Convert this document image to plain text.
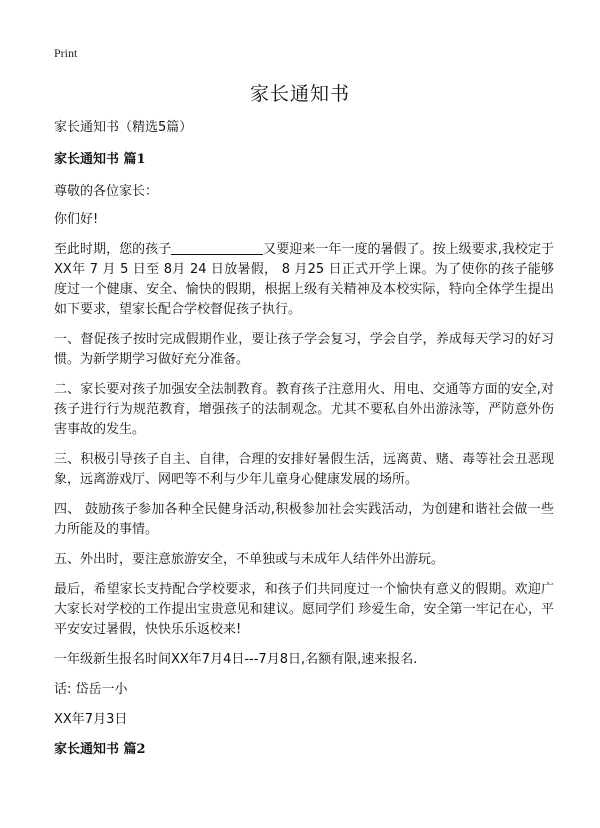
Print
家长通知书

家长通知书（精选5篇）

家长通知书 篇1

尊敬的各位家长：

你们好!

至此时期，您的孩子	又要迎来一年一度的暑假了。按上级要求,我校定于XX年 7 月 5 日至 8月 24 日放暑假， 8 月25 日正式开学上课。为了使你的孩子能够度过一个健康、安全、愉快的假期，根据上级有关精神及本校实际，特向全体学生提出如下要求，望家长配合学校督促孩子执行。

一、督促孩子按时完成假期作业，要让孩子学会复习，学会自学，养成每天学习的好习惯。为新学期学习做好充分准备。

二、家长要对孩子加强安全法制教育。教育孩子注意用火、用电、交通等方面的安全,对孩子进行行为规范教育，增强孩子的法制观念。尤其不要私自外出游泳等，严防意外伤害事故的发生。

三、积极引导孩子自主、自律，合理的安排好暑假生活，远离黄、赌、毒等社会丑恶现象，远离游戏厅、网吧等不利与少年儿童身心健康发展的场所。

四、 鼓励孩子参加各种全民健身活动,积极参加社会实践活动，为创建和谐社会做一些力所能及的事情。

五、外出时，要注意旅游安全，不单独或与未成年人结伴外出游玩。

最后，希望家长支持配合学校要求，和孩子们共同度过一个愉快有意义的假期。欢迎广大家长对学校的工作提出宝贵意见和建议。愿同学们 珍爱生命，安全第一牢记在心，平平安安过暑假，快快乐乐返校来!

一年级新生报名时间XX年7月4日---7月8日,名额有限,速来报名.

话: 岱岳一小

XX年7月3日

家长通知书 篇2
